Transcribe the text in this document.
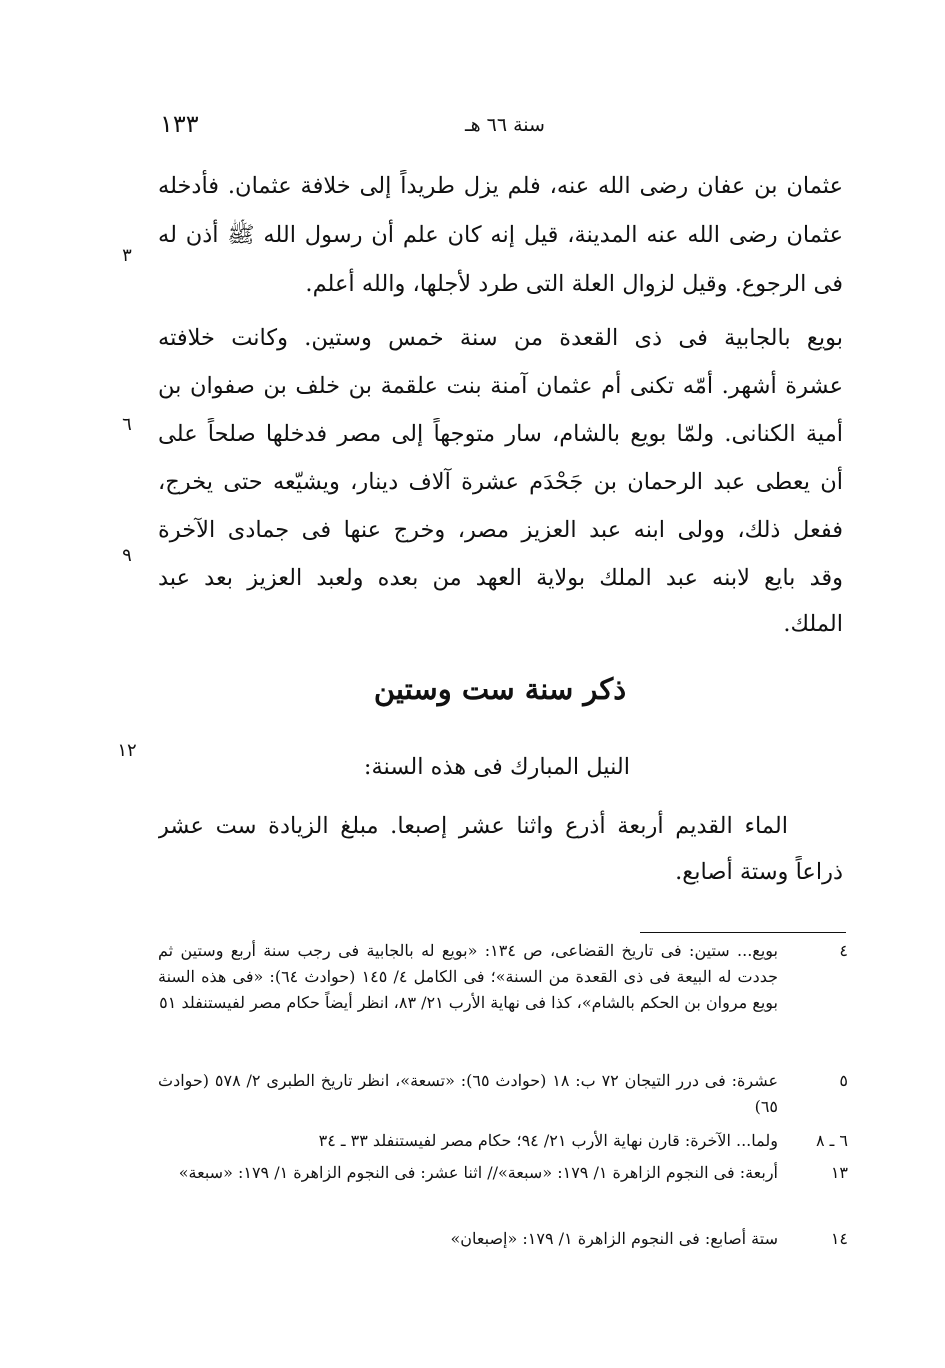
١٣٣	سنة ٦٦ هـ
عثمان بن عفان رضى الله عنه، فلم يزل طريداً إلى خلافة عثمان. فأدخله
عثمان رضى الله عنه المدينة، قيل إنه كان علم أن رسول الله ﷺ أذن له
فى الرجوع. وقيل لزوال العلة التى طرد لأجلها، والله أعلم.
بويع بالجابية فى ذى القعدة من سنة خمس وستين. وكانت خلافته
عشرة أشهر. أمّه تكنى أم عثمان آمنة بنت علقمة بن خلف بن صفوان بن
أمية الكنانى. ولمّا بويع بالشام، سار متوجهاً إلى مصر فدخلها صلحاً على
أن يعطى عبد الرحمان بن جَحْدَم عشرة آلاف دينار، ويشيّعه حتى يخرج،
ففعل ذلك، وولى ابنه عبد العزيز مصر، وخرج عنها فى جمادى الآخرة
وقد بايع لابنه عبد الملك بولاية العهد من بعده ولعبد العزيز بعد عبد
الملك.
٣
٦
٩
١٢
ذكر سنة ست وستين
النيل المبارك فى هذه السنة:
الماء القديم أربعة أذرع واثنا عشر إصبعا. مبلغ الزيادة ست عشر
ذراعاً وستة أصابع.
٤
بويع... ستين: فى تاريخ القضاعى، ص ١٣٤: «بويع له بالجابية فى رجب سنة أربع وستين ثم جددت له البيعة فى ذى القعدة من السنة»؛ فى الكامل ٤/ ١٤٥ (حوادث ٦٤): «فى هذه السنة بويع مروان بن الحكم بالشام»، كذا فى نهاية الأرب ٢١/ ٨٣، انظر أيضاً حكام مصر لفيستنفلد ٥١
٥
عشرة: فى درر التيجان ٧٢ ب: ١٨ (حوادث ٦٥): «تسعة»، انظر تاريخ الطبرى ٢/ ٥٧٨ (حوادث ٦٥)
٦ ـ ٨
ولما... الآخرة: قارن نهاية الأرب ٢١/ ٩٤؛ حكام مصر لفيستنفلد ٣٣ ـ ٣٤
١٣
أربعة: فى النجوم الزاهرة ١/ ١٧٩: «سبعة»// اثنا عشر: فى النجوم الزاهرة ١/ ١٧٩: «سبعة»
١٤
ستة أصابع: فى النجوم الزاهرة ١/ ١٧٩: «إصبعان»
